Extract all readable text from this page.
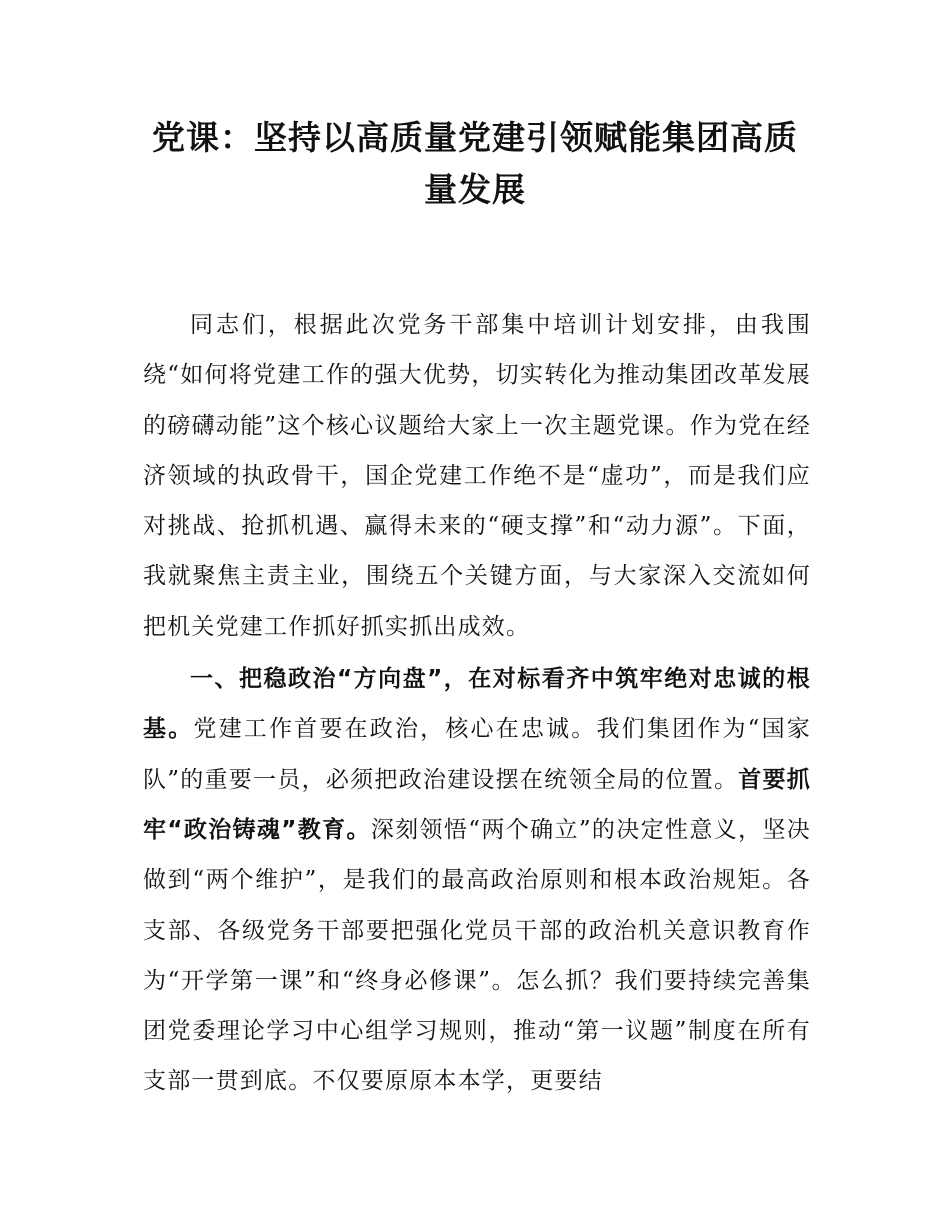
党课：坚持以高质量党建引领赋能集团高质
量发展

同志们，根据此次党务干部集中培训计划安排，由我围绕“如何将党建工作的强大优势，切实转化为推动集团改革发展的磅礴动能”这个核心议题给大家上一次主题党课。作为党在经济领域的执政骨干，国企党建工作绝不是“虚功”，而是我们应对挑战、抢抓机遇、赢得未来的“硬支撑”和“动力源”。下面，我就聚焦主责主业，围绕五个关键方面，与大家深入交流如何把机关党建工作抓好抓实抓出成效。

一、把稳政治“方向盘”，在对标看齐中筑牢绝对忠诚的根基。党建工作首要在政治，核心在忠诚。我们集团作为“国家队”的重要一员，必须把政治建设摆在统领全局的位置。首要抓牢“政治铸魂”教育。深刻领悟“两个确立”的决定性意义，坚决做到“两个维护”，是我们的最高政治原则和根本政治规矩。各支部、各级党务干部要把强化党员干部的政治机关意识教育作为“开学第一课”和“终身必修课”。怎么抓？我们要持续完善集团党委理论学习中心组学习规则，推动“第一议题”制度在所有支部一贯到底。不仅要原原本本学，更要结
